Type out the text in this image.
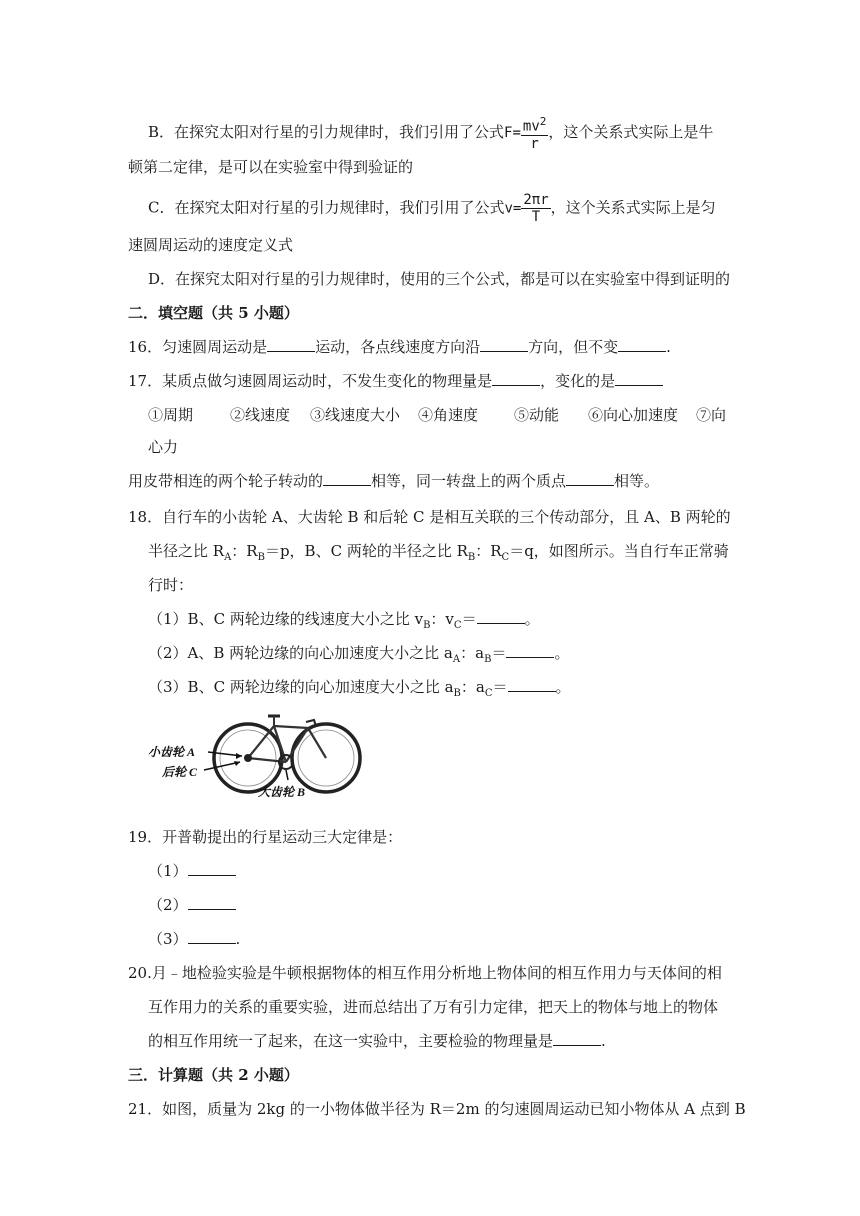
B．在探究太阳对行星的引力规律时，我们引用了公式$F= \frac{mv^2}{r}$ ，这个关系式实际上是牛
顿第二定律，是可以在实验室中得到验证的
C．在探究太阳对行星的引力规律时，我们引用了公式$v= \frac{2\pi r}{T}$ ，这个关系式实际上是匀
速圆周运动的速度定义式
D．在探究太阳对行星的引力规律时，使用的三个公式，都是可以在实验室中得到证明的
二．填空题（共 5 小题）
16．匀速圆周运动是	运动，各点线速度方向沿	方向，但不变	.
17．某质点做匀速圆周运动时，不发生变化的物理量是	，变化的是
①周期 ②线速度 ③线速度大小 ④角速度 ⑤动能 ⑥向心加速度 ⑦向
心力
用皮带相连的两个轮子转动的	相等，同一转盘上的两个质点	相等。
18．自行车的小齿轮 A、大齿轮 B 和后轮 C 是相互关联的三个传动部分，且 A、B 两轮的
半径之比 $R_A$：$R_B=p$，B、C 两轮的半径之比 $R_B$：$R_C=q$，如图所示。当自行车正常骑
行时：
（1）B、C 两轮边缘的线速度大小之比 $v_B$：$v_C=$	。
（2）A、B 两轮边缘的向心加速度大小之比 $a_A$：$a_B=$	。
（3）B、C 两轮边缘的向心加速度大小之比 $a_B$：$a_C=$	。
小齿轮 A
后轮 C
大齿轮 B
19．开普勒提出的行星运动三大定律是：
（1）
（2）
（3）	.
20.月﹣地检验实验是牛顿根据物体的相互作用分析地上物体间的相互作用力与天体间的相
互作用力的关系的重要实验，进而总结出了万有引力定律，把天上的物体与地上的物体
的相互作用统一了起来，在这一实验中，主要检验的物理量是	.
三．计算题（共 2 小题）
21．如图，质量为 2kg 的一小物体做半径为 R＝2m 的匀速圆周运动已知小物体从 A 点到 B
